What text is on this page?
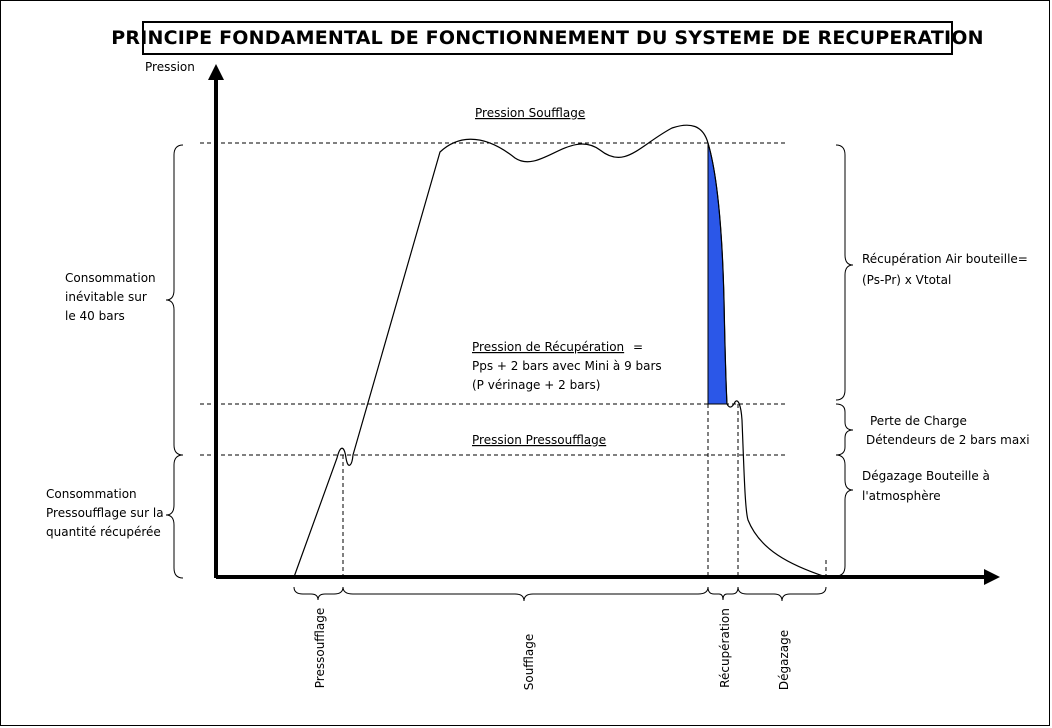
PRINCIPE FONDAMENTAL DE FONCTIONNEMENT DU SYSTEME DE RECUPERATION
Pression
Pression Soufflage
Pression de Récupération =
Pps + 2 bars avec Mini à 9 bars
(P vérinage + 2 bars)
Pression Pressoufflage
Consommation inévitable sur le 40 bars
Consommation Pressoufflage sur la quantité récupérée
Récupération Air bouteille= (Ps-Pr) x Vtotal
Perte de Charge Détendeurs de 2 bars maxi
Dégazage Bouteille à l'atmosphère
Pressoufflage	Soufflage	Récupération	Dégazage
